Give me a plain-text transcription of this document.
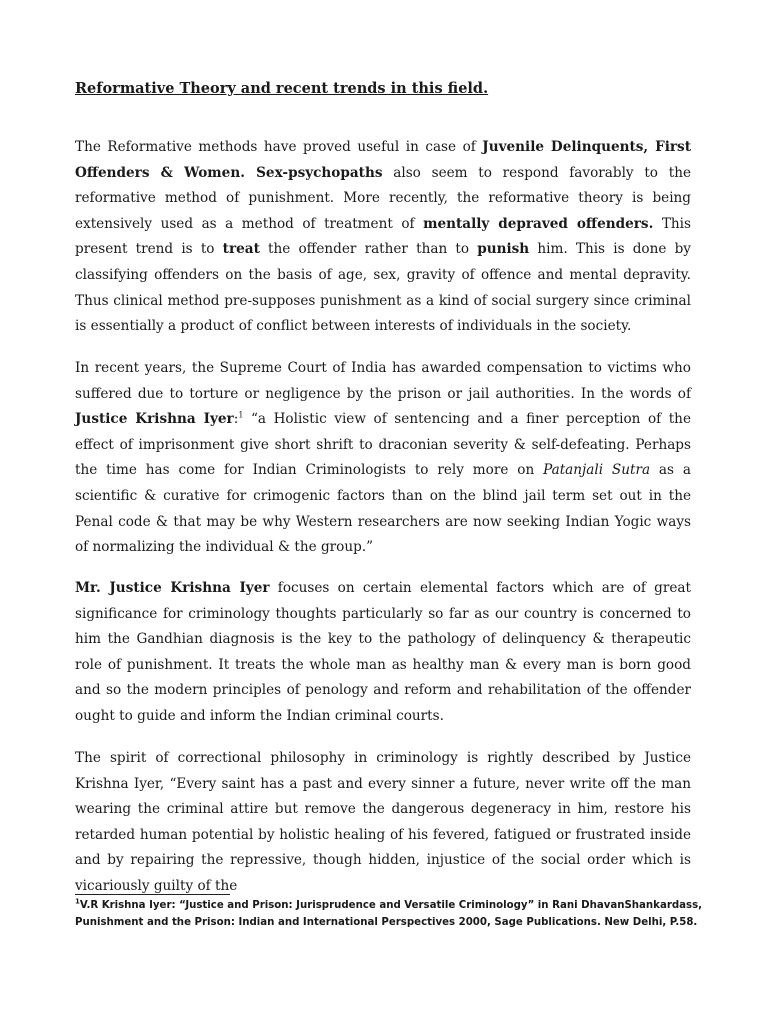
Reformative Theory and recent trends in this field.

The Reformative methods have proved useful in case of Juvenile Delinquents, First Offenders & Women. Sex-psychopaths also seem to respond favorably to the reformative method of punishment. More recently, the reformative theory is being extensively used as a method of treatment of mentally depraved offenders. This present trend is to treat the offender rather than to punish him. This is done by classifying offenders on the basis of age, sex, gravity of offence and mental depravity. Thus clinical method pre-supposes punishment as a kind of social surgery since criminal is essentially a product of conflict between interests of individuals in the society.

In recent years, the Supreme Court of India has awarded compensation to victims who suffered due to torture or negligence by the prison or jail authorities. In the words of Justice Krishna Iyer:$^1$ “a Holistic view of sentencing and a finer perception of the effect of imprisonment give short shrift to draconian severity & self-defeating. Perhaps the time has come for Indian Criminologists to rely more on Patanjali Sutra as a scientific & curative for crimogenic factors than on the blind jail term set out in the Penal code & that may be why Western researchers are now seeking Indian Yogic ways of normalizing the individual & the group.”

Mr. Justice Krishna Iyer focuses on certain elemental factors which are of great significance for criminology thoughts particularly so far as our country is concerned to him the Gandhian diagnosis is the key to the pathology of delinquency & therapeutic role of punishment. It treats the whole man as healthy man & every man is born good and so the modern principles of penology and reform and rehabilitation of the offender ought to guide and inform the Indian criminal courts.

The spirit of correctional philosophy in criminology is rightly described by Justice Krishna Iyer, “Every saint has a past and every sinner a future, never write off the man wearing the criminal attire but remove the dangerous degeneracy in him, restore his retarded human potential by holistic healing of his fevered, fatigued or frustrated inside and by repairing the repressive, though hidden, injustice of the social order which is vicariously guilty of the

$^1$V.R Krishna Iyer: “Justice and Prison: Jurisprudence and Versatile Criminology” in Rani DhavanShankardass, Punishment and the Prison: Indian and International Perspectives 2000, Sage Publications. New Delhi, P.58.
